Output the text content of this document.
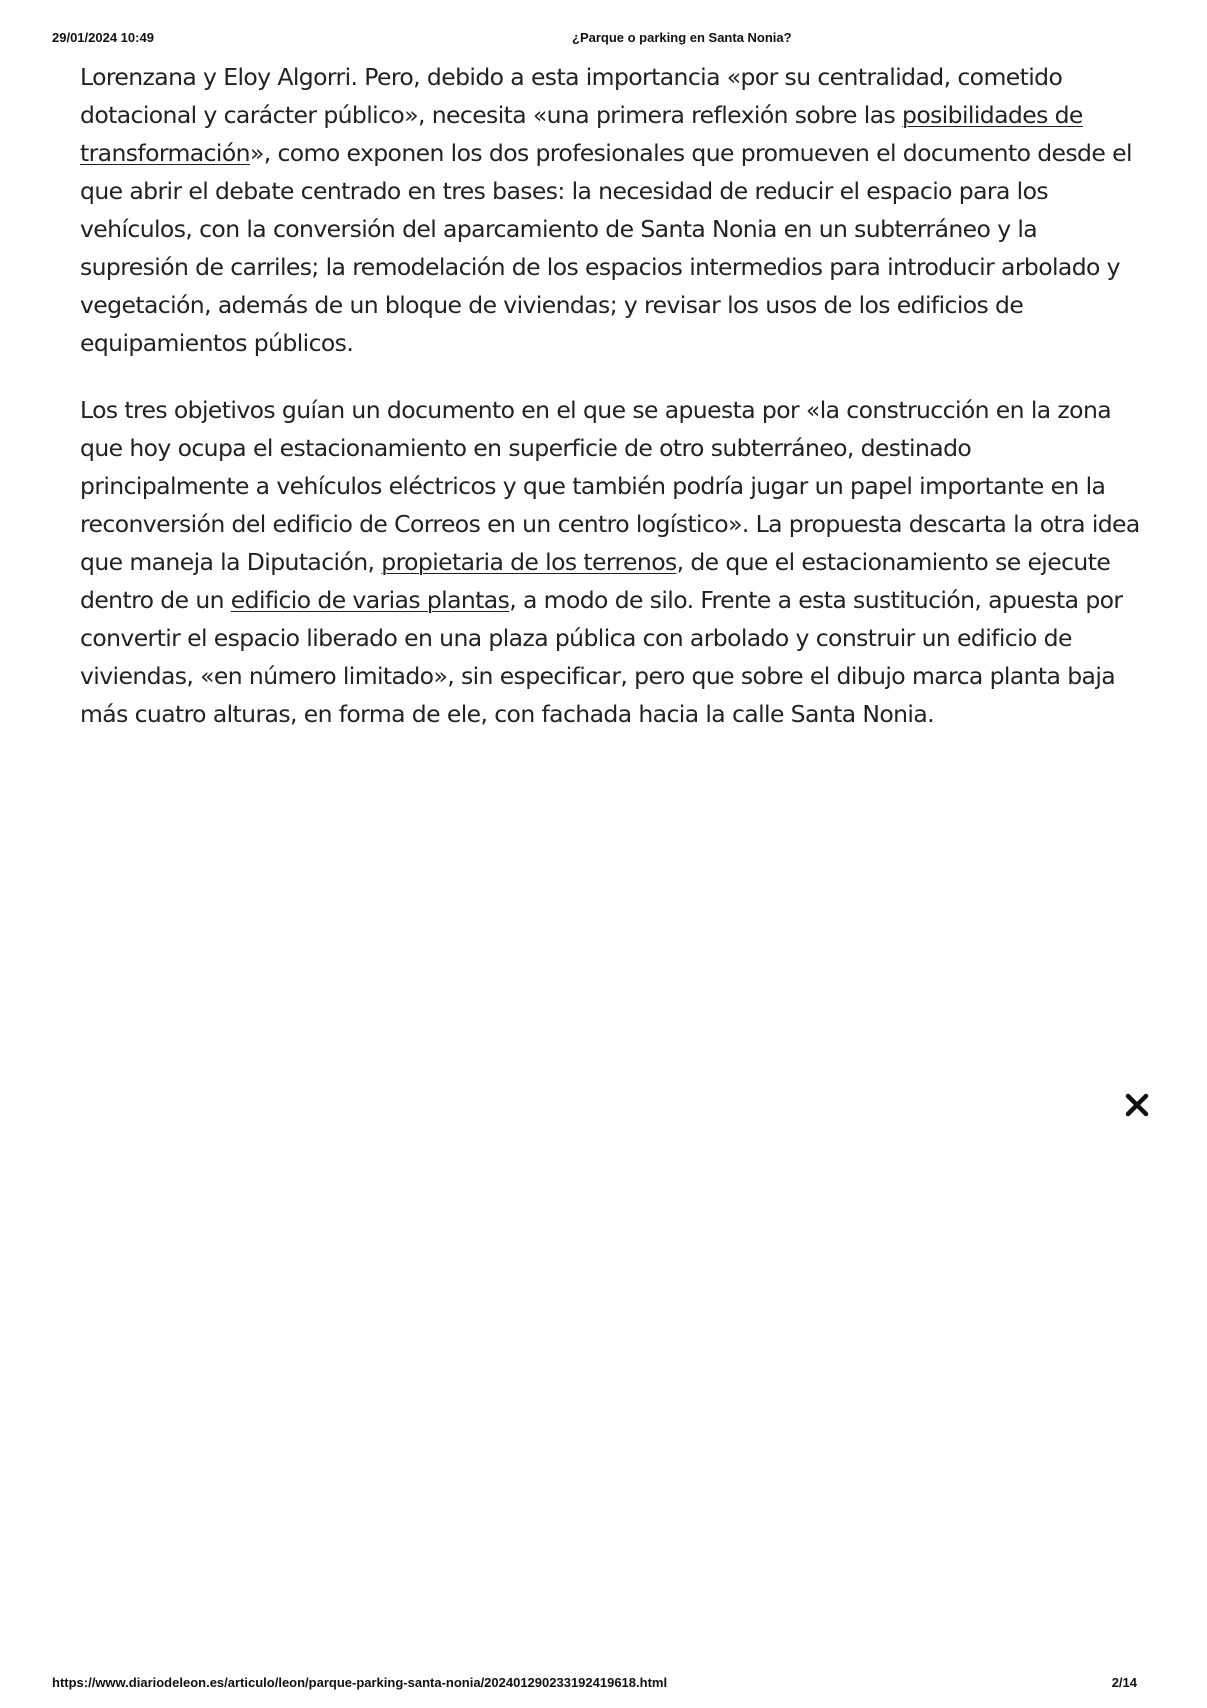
29/01/2024 10:49	¿Parque o parking en Santa Nonia?

Lorenzana y Eloy Algorri. Pero, debido a esta importancia «por su centralidad, cometido dotacional y carácter público», necesita «una primera reflexión sobre las posibilidades de transformación», como exponen los dos profesionales que promueven el documento desde el que abrir el debate centrado en tres bases: la necesidad de reducir el espacio para los vehículos, con la conversión del aparcamiento de Santa Nonia en un subterráneo y la supresión de carriles; la remodelación de los espacios intermedios para introducir arbolado y vegetación, además de un bloque de viviendas; y revisar los usos de los edificios de equipamientos públicos.

Los tres objetivos guían un documento en el que se apuesta por «la construcción en la zona que hoy ocupa el estacionamiento en superficie de otro subterráneo, destinado principalmente a vehículos eléctricos y que también podría jugar un papel importante en la reconversión del edificio de Correos en un centro logístico». La propuesta descarta la otra idea que maneja la Diputación, propietaria de los terrenos, de que el estacionamiento se ejecute dentro de un edificio de varias plantas, a modo de silo. Frente a esta sustitución, apuesta por convertir el espacio liberado en una plaza pública con arbolado y construir un edificio de viviendas, «en número limitado», sin especificar, pero que sobre el dibujo marca planta baja más cuatro alturas, en forma de ele, con fachada hacia la calle Santa Nonia.

https://www.diariodeleon.es/articulo/leon/parque-parking-santa-nonia/202401290233192419618.html	2/14
